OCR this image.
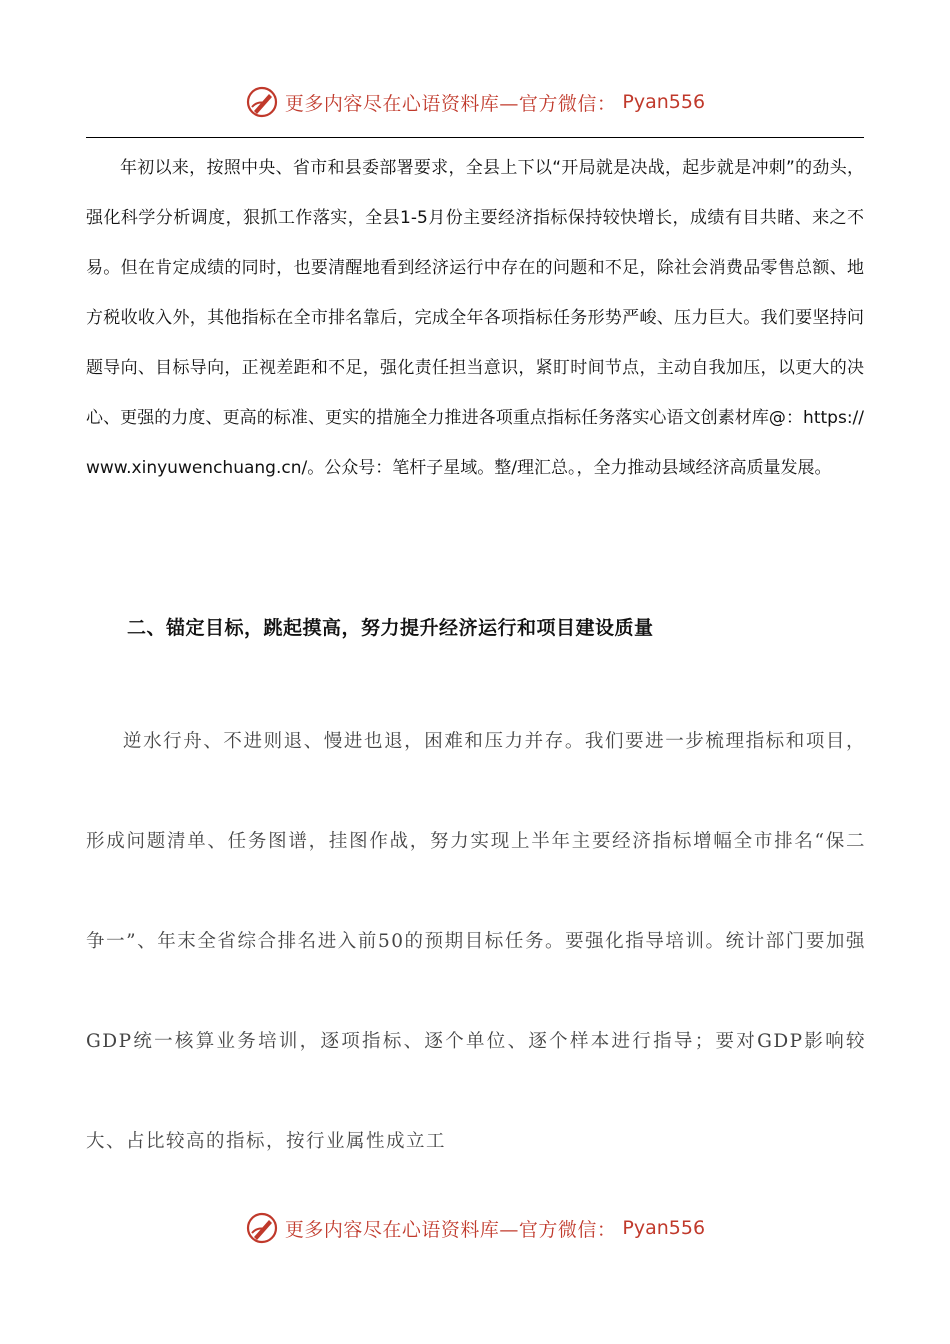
更多内容尽在心语资料库—官方微信： Pyan556

年初以来，按照中央、省市和县委部署要求，全县上下以“开局就是决战，起步就是冲刺”的劲头，强化科学分析调度，狠抓工作落实，全县1-5月份主要经济指标保持较快增长，成绩有目共睹、来之不易。但在肯定成绩的同时，也要清醒地看到经济运行中存在的问题和不足，除社会消费品零售总额、地方税收收入外，其他指标在全市排名靠后，完成全年各项指标任务形势严峻、压力巨大。我们要坚持问题导向、目标导向，正视差距和不足，强化责任担当意识，紧盯时间节点，主动自我加压，以更大的决心、更强的力度、更高的标准、更实的措施全力推进各项重点指标任务落实心语文创素材库@：https://www.xinyuwenchuang.cn/。公众号：笔杆子星域。整/理汇总。，全力推动县域经济高质量发展。

二、锚定目标，跳起摸高，努力提升经济运行和项目建设质量

逆水行舟、不进则退、慢进也退，困难和压力并存。我们要进一步梳理指标和项目，形成问题清单、任务图谱，挂图作战，努力实现上半年主要经济指标增幅全市排名“保二争一”、年末全省综合排名进入前50的预期目标任务。要强化指导培训。统计部门要加强GDP统一核算业务培训，逐项指标、逐个单位、逐个样本进行指导；要对GDP影响较大、占比较高的指标，按行业属性成立工

更多内容尽在心语资料库—官方微信： Pyan556
